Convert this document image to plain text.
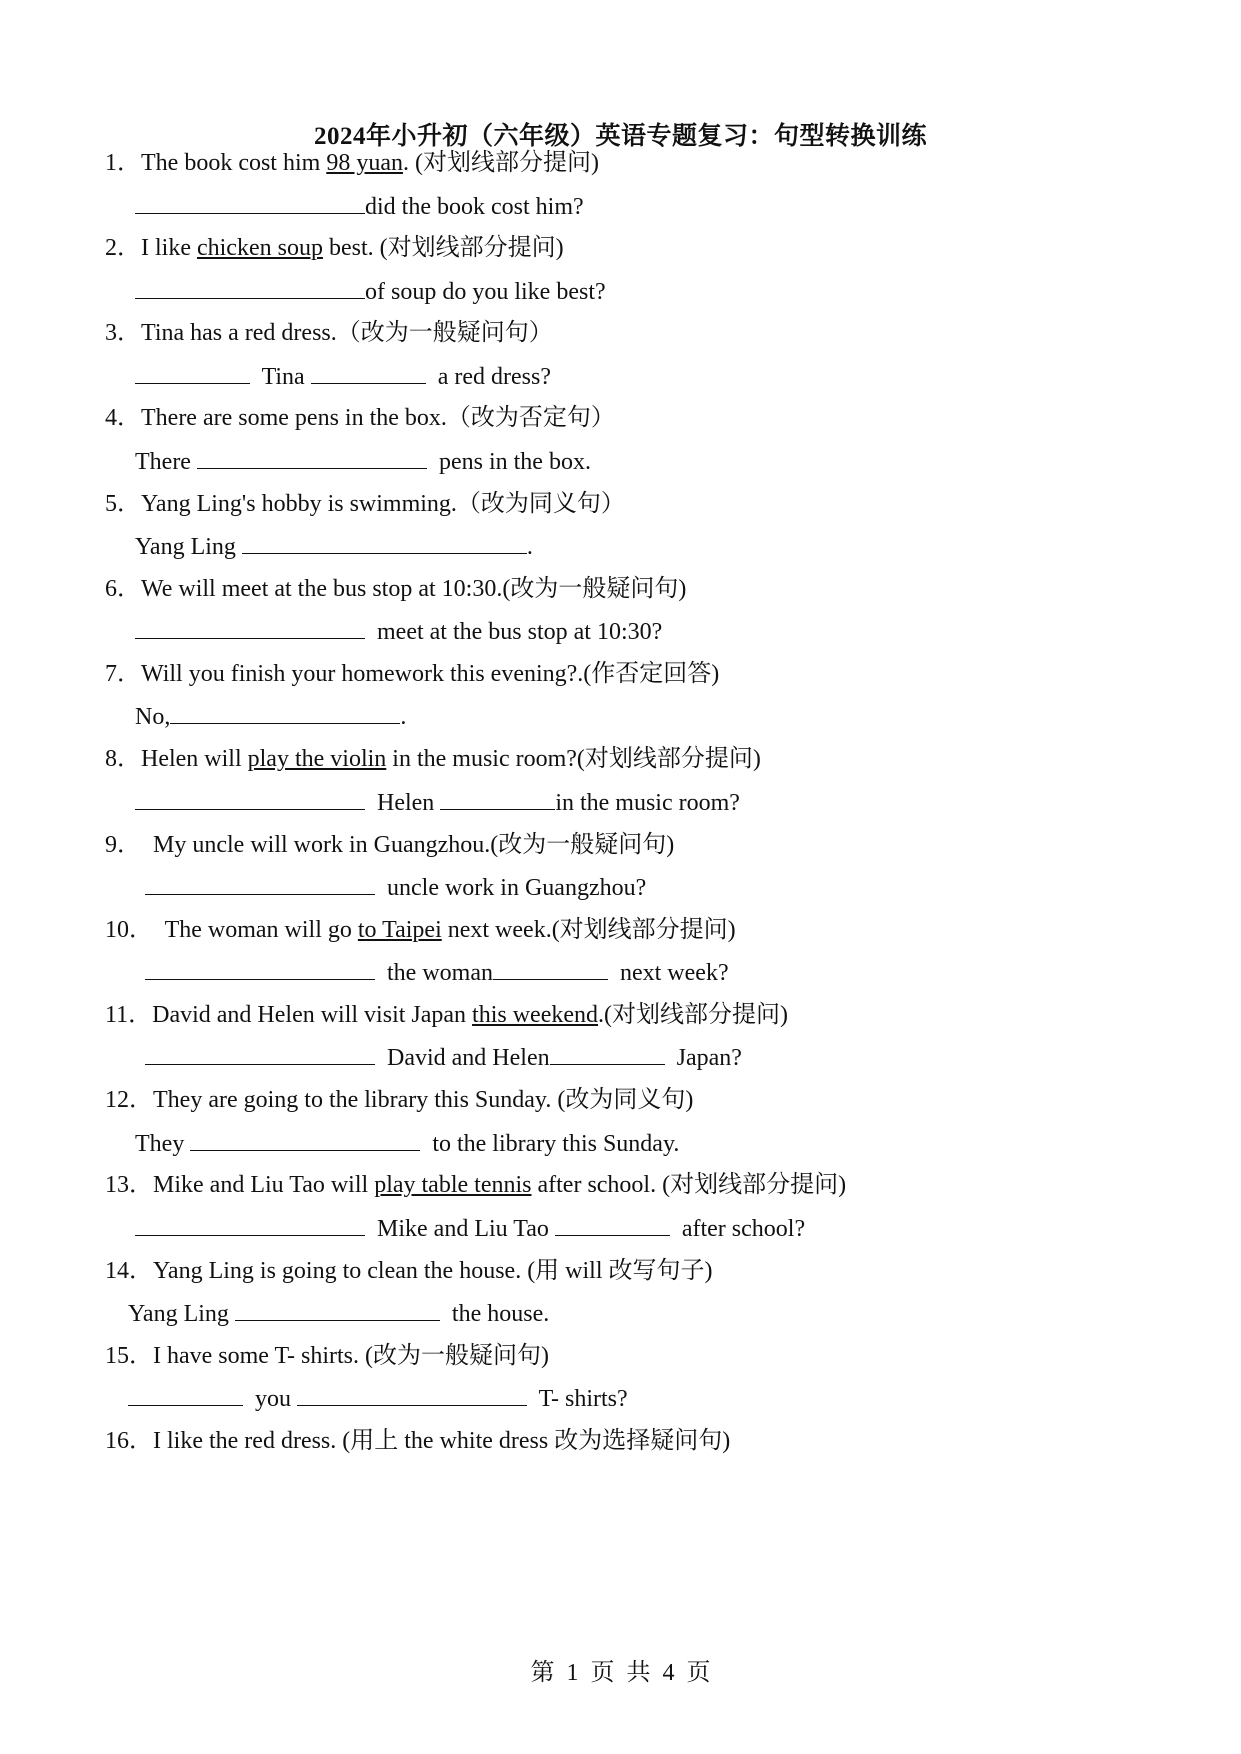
2024年小升初（六年级）英语专题复习：句型转换训练
1．The book cost him 98 yuan. (对划线部分提问)
did the book cost him?
2．I like chicken soup best. (对划线部分提问)
of soup do you like best?
3．Tina has a red dress.（改为一般疑问句）
Tina	a red dress?
4．There are some pens in the box.（改为否定句）
There	pens in the box.
5．Yang Ling's hobby is swimming.（改为同义句）
Yang Ling	.
6．We will meet at the bus stop at 10:30.(改为一般疑问句)
meet at the bus stop at 10:30?
7．Will you finish your homework this evening?.(作否定回答)
No,	.
8．Helen will play the violin in the music room?(对划线部分提问)
Helen	in the music room?
9．  My uncle will work in Guangzhou.(改为一般疑问句)
uncle work in Guangzhou?
10．  The woman will go to Taipei next week.(对划线部分提问)
the woman	next week?
11．David and Helen will visit Japan this weekend.(对划线部分提问)
David and Helen	Japan?
12．They are going to the library this Sunday. (改为同义句)
They	to the library this Sunday.
13．Mike and Liu Tao will play table tennis after school. (对划线部分提问)
Mike and Liu Tao	after school?
14．Yang Ling is going to clean the house. (用 will 改写句子)
Yang Ling	the house.
15．I have some T- shirts. (改为一般疑问句)
you	T- shirts?
16．I like the red dress. (用上 the white dress 改为选择疑问句)
第 1 页 共 4 页
